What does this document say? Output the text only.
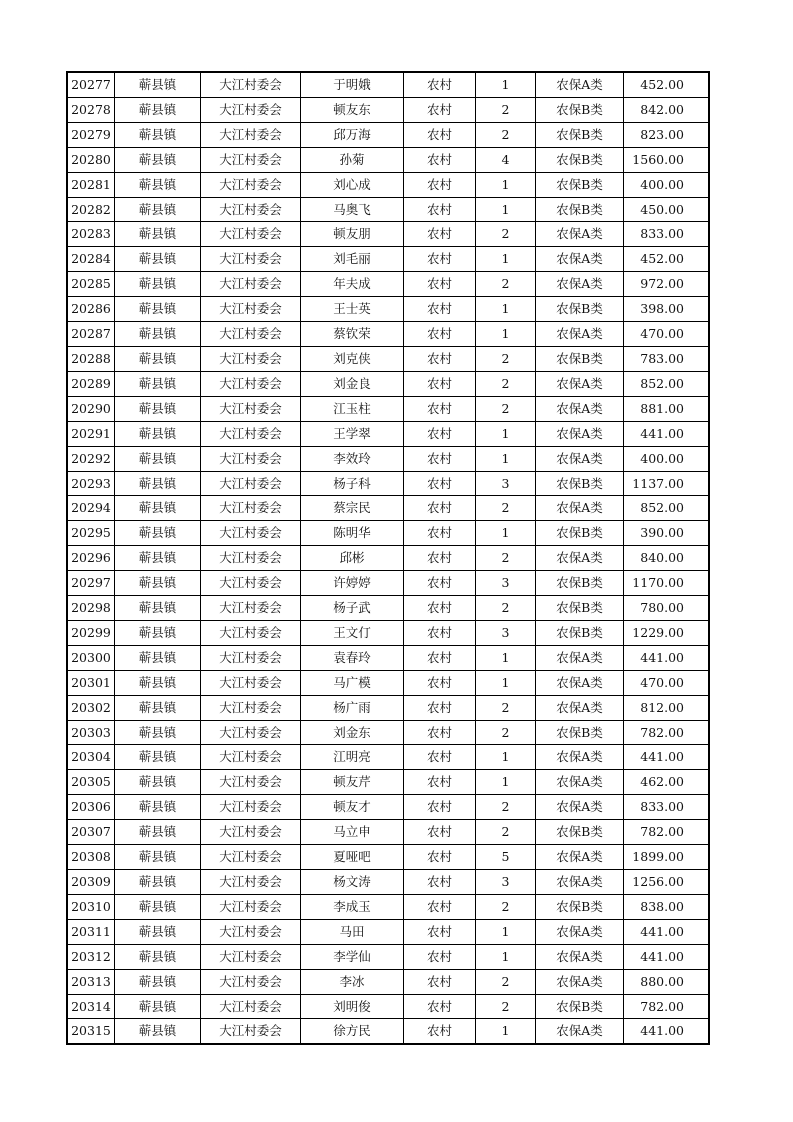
20277	蕲县镇	大江村委会	于明娥	农村	1	农保A类	452.00
20278	蕲县镇	大江村委会	顿友东	农村	2	农保B类	842.00
20279	蕲县镇	大江村委会	邱万海	农村	2	农保B类	823.00
20280	蕲县镇	大江村委会	孙菊	农村	4	农保B类	1560.00
20281	蕲县镇	大江村委会	刘心成	农村	1	农保B类	400.00
20282	蕲县镇	大江村委会	马奥飞	农村	1	农保B类	450.00
20283	蕲县镇	大江村委会	顿友朋	农村	2	农保A类	833.00
20284	蕲县镇	大江村委会	刘毛丽	农村	1	农保A类	452.00
20285	蕲县镇	大江村委会	年夫成	农村	2	农保A类	972.00
20286	蕲县镇	大江村委会	王士英	农村	1	农保B类	398.00
20287	蕲县镇	大江村委会	蔡钦荣	农村	1	农保A类	470.00
20288	蕲县镇	大江村委会	刘克侠	农村	2	农保B类	783.00
20289	蕲县镇	大江村委会	刘金良	农村	2	农保A类	852.00
20290	蕲县镇	大江村委会	江玉柱	农村	2	农保A类	881.00
20291	蕲县镇	大江村委会	王学翠	农村	1	农保A类	441.00
20292	蕲县镇	大江村委会	李效玲	农村	1	农保A类	400.00
20293	蕲县镇	大江村委会	杨子科	农村	3	农保B类	1137.00
20294	蕲县镇	大江村委会	蔡宗民	农村	2	农保A类	852.00
20295	蕲县镇	大江村委会	陈明华	农村	1	农保B类	390.00
20296	蕲县镇	大江村委会	邱彬	农村	2	农保A类	840.00
20297	蕲县镇	大江村委会	许婷婷	农村	3	农保B类	1170.00
20298	蕲县镇	大江村委会	杨子武	农村	2	农保B类	780.00
20299	蕲县镇	大江村委会	王文仃	农村	3	农保B类	1229.00
20300	蕲县镇	大江村委会	袁春玲	农村	1	农保A类	441.00
20301	蕲县镇	大江村委会	马广模	农村	1	农保A类	470.00
20302	蕲县镇	大江村委会	杨广雨	农村	2	农保A类	812.00
20303	蕲县镇	大江村委会	刘金东	农村	2	农保B类	782.00
20304	蕲县镇	大江村委会	江明亮	农村	1	农保A类	441.00
20305	蕲县镇	大江村委会	顿友芹	农村	1	农保A类	462.00
20306	蕲县镇	大江村委会	顿友才	农村	2	农保A类	833.00
20307	蕲县镇	大江村委会	马立申	农村	2	农保B类	782.00
20308	蕲县镇	大江村委会	夏哑吧	农村	5	农保A类	1899.00
20309	蕲县镇	大江村委会	杨文涛	农村	3	农保A类	1256.00
20310	蕲县镇	大江村委会	李成玉	农村	2	农保B类	838.00
20311	蕲县镇	大江村委会	马田	农村	1	农保A类	441.00
20312	蕲县镇	大江村委会	李学仙	农村	1	农保A类	441.00
20313	蕲县镇	大江村委会	李冰	农村	2	农保A类	880.00
20314	蕲县镇	大江村委会	刘明俊	农村	2	农保B类	782.00
20315	蕲县镇	大江村委会	徐方民	农村	1	农保A类	441.00
